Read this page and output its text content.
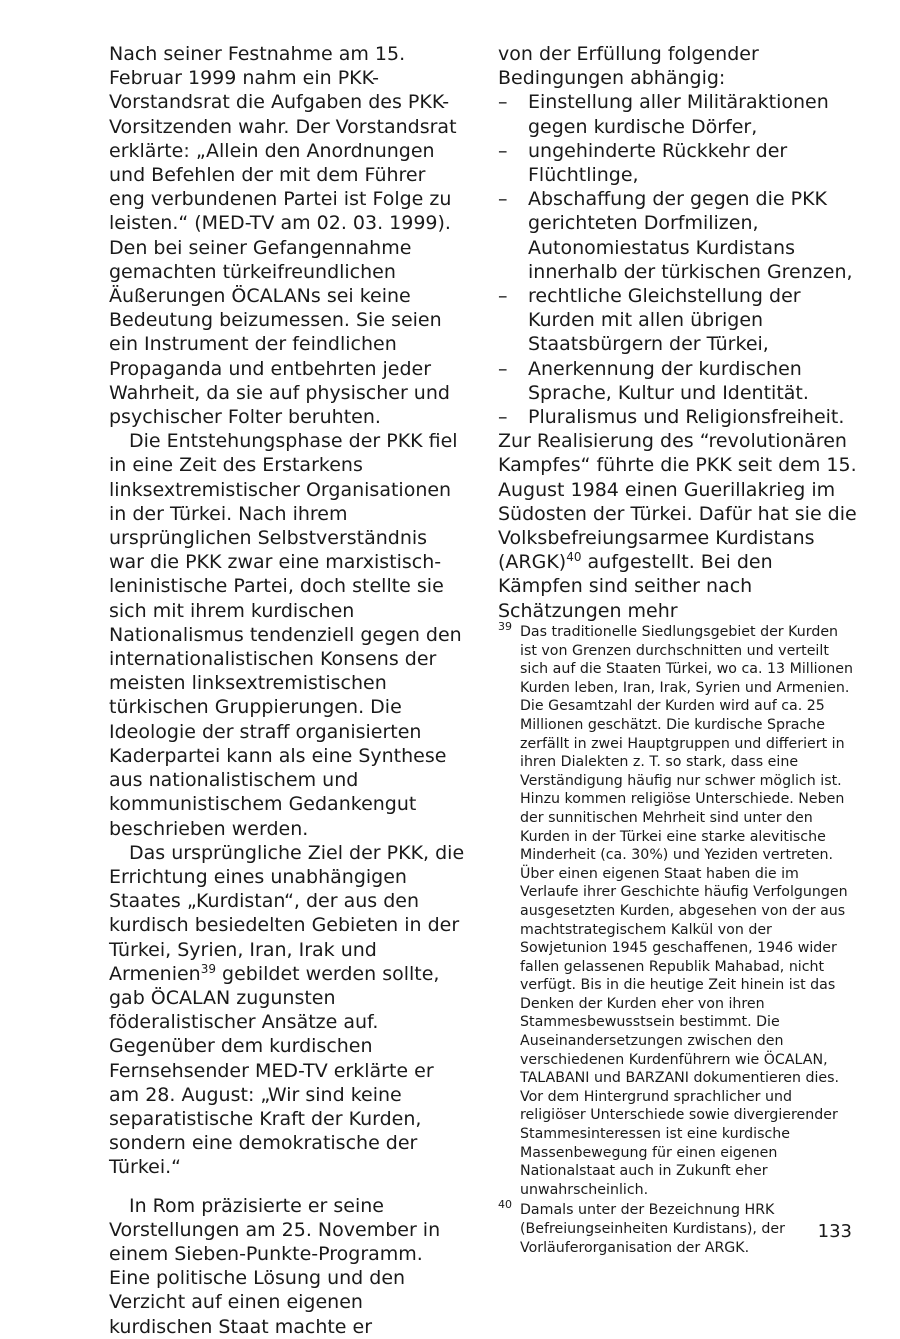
Nach seiner Festnahme am 15. Februar 1999 nahm ein PKK-Vorstandsrat die Aufgaben des PKK-Vorsitzenden wahr. Der Vorstandsrat erklärte: „Allein den Anordnungen und Befehlen der mit dem Führer eng verbundenen Partei ist Folge zu leisten.“ (MED-TV am 02. 03. 1999). Den bei seiner Gefangennahme gemachten türkeifreundlichen Äußerungen ÖCALANs sei keine Bedeutung beizumessen. Sie seien ein Instrument der feindlichen Propaganda und entbehrten jeder Wahrheit, da sie auf physischer und psychischer Folter beruhten.

Die Entstehungsphase der PKK fiel in eine Zeit des Erstarkens linksextremistischer Organisationen in der Türkei. Nach ihrem ursprünglichen Selbstverständnis war die PKK zwar eine marxistisch-leninistische Partei, doch stellte sie sich mit ihrem kurdischen Nationalismus tendenziell gegen den internationalistischen Konsens der meisten linksextremistischen türkischen Gruppierungen. Die Ideologie der straff organisierten Kaderpartei kann als eine Synthese aus nationalistischem und kommunistischem Gedankengut beschrieben werden.

Das ursprüngliche Ziel der PKK, die Errichtung eines unabhängigen Staates „Kurdistan“, der aus den kurdisch besiedelten Gebieten in der Türkei, Syrien, Iran, Irak und Armenien$^{39}$ gebildet werden sollte, gab ÖCALAN zugunsten föderalistischer Ansätze auf. Gegenüber dem kurdischen Fernsehsender MED-TV erklärte er am 28. August: „Wir sind keine separatistische Kraft der Kurden, sondern eine demokratische der Türkei.“

In Rom präzisierte er seine Vorstellungen am 25. November in einem Sieben-Punkte-Programm. Eine politische Lösung und den Verzicht auf einen eigenen kurdischen Staat machte er

von der Erfüllung folgender Bedingungen abhängig:

– Einstellung aller Militäraktionen gegen kurdische Dörfer,
– ungehinderte Rückkehr der Flüchtlinge,
– Abschaffung der gegen die PKK gerichteten Dorfmilizen, Autonomiestatus Kurdistans innerhalb der türkischen Grenzen,
– rechtliche Gleichstellung der Kurden mit allen übrigen Staatsbürgern der Türkei,
– Anerkennung der kurdischen Sprache, Kultur und Identität.
– Pluralismus und Religionsfreiheit.

Zur Realisierung des “revolutionären Kampfes“ führte die PKK seit dem 15. August 1984 einen Guerillakrieg im Südosten der Türkei. Dafür hat sie die Volksbefreiungsarmee Kurdistans (ARGK)$^{40}$ aufgestellt. Bei den Kämpfen sind seither nach Schätzungen mehr

39 Das traditionelle Siedlungsgebiet der Kurden ist von Grenzen durchschnitten und verteilt sich auf die Staaten Türkei, wo ca. 13 Millionen Kurden leben, Iran, Irak, Syrien und Armenien. Die Gesamtzahl der Kurden wird auf ca. 25 Millionen geschätzt. Die kurdische Sprache zerfällt in zwei Hauptgruppen und differiert in ihren Dialekten z. T. so stark, dass eine Verständigung häufig nur schwer möglich ist. Hinzu kommen religiöse Unterschiede. Neben der sunnitischen Mehrheit sind unter den Kurden in der Türkei eine starke alevitische Minderheit (ca. 30%) und Yeziden vertreten. Über einen eigenen Staat haben die im Verlaufe ihrer Geschichte häufig Verfolgungen ausgesetzten Kurden, abgesehen von der aus machtstrategischem Kalkül von der Sowjetunion 1945 geschaffenen, 1946 wider fallen gelassenen Republik Mahabad, nicht verfügt. Bis in die heutige Zeit hinein ist das Denken der Kurden eher von ihren Stammesbewusstsein bestimmt. Die Auseinandersetzungen zwischen den verschiedenen Kurdenführern wie ÖCALAN, TALABANI und BARZANI dokumentieren dies. Vor dem Hintergrund sprachlicher und religiöser Unterschiede sowie divergierender Stammesinteressen ist eine kurdische Massenbewegung für einen eigenen Nationalstaat auch in Zukunft eher unwahrscheinlich.

40 Damals unter der Bezeichnung HRK (Befreiungseinheiten Kurdistans), der Vorläuferorganisation der ARGK.

133
